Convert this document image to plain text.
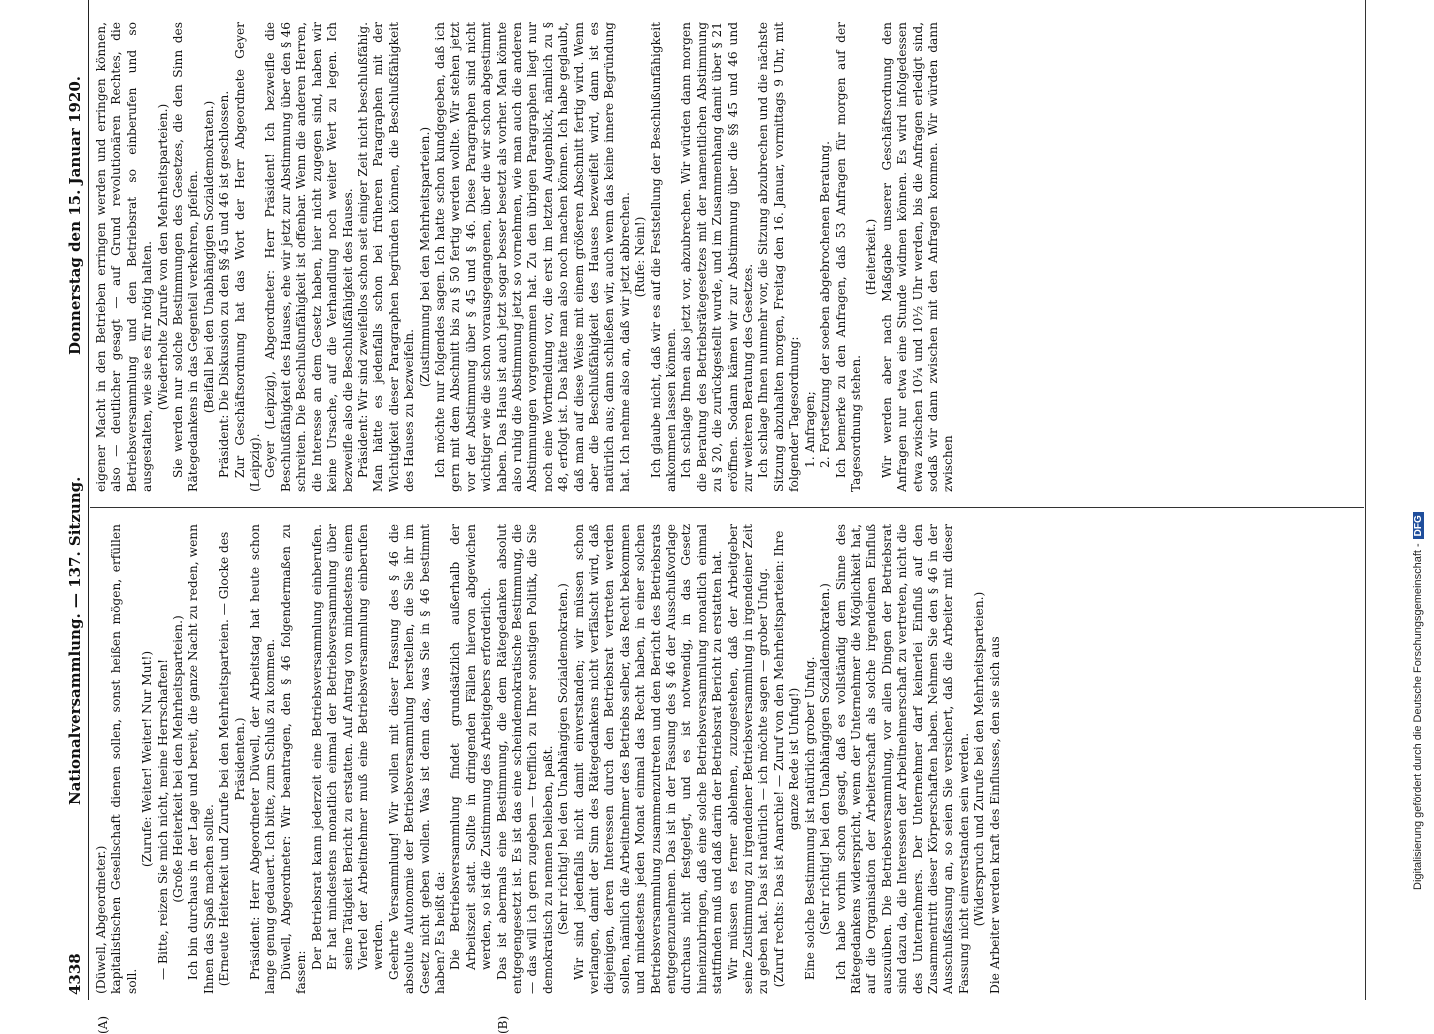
4338
Nationalversammlung. — 137. Sitzung.
Donnerstag den 15. Januar 1920.
(A)	(B)

(Düwell, Abgeordneter.) kapitalistischen Gesellschaft dienen sollen, sonst heißen mögen, erfüllen soll.

(Zurufe: Weiter! Weiter! Nur Mut!) — Bitte, reizen Sie mich nicht, meine Herrschaften! (Große Heiterkeit bei den Mehrheitsparteien.) Ich bin durchaus in der Lage und bereit, die ganze Nacht zu reden, wenn Ihnen das Spaß machen sollte. (Erneute Heiterkeit und Zurufe bei den Mehrheitsparteien. — Glocke des Präsidenten.) Präsident: Herr Abgeordneter Düwell, der Arbeitstag hat heute schon lange genug gedauert. Ich bitte, zum Schluß zu kommen. Düwell, Abgeordneter: Wir beantragen, den § 46 folgendermaßen zu fassen:

Der Betriebsrat kann jederzeit eine Betriebsversammlung einberufen. Er hat mindestens monatlich einmal der Betriebsversammlung über seine Tätigkeit Bericht zu erstatten. Auf Antrag von mindestens einem Viertel der Arbeitnehmer muß eine Betriebsversammlung einberufen werden. Geehrte Versammlung! Wir wollen mit dieser Fassung des § 46 die absolute Autonomie der Betriebsversammlung herstellen, die Sie ihr im Gesetz nicht geben wollen. Was ist denn das, was Sie in § 46 bestimmt haben? Es heißt da: Die Betriebsversammlung findet grundsätzlich außerhalb der Arbeitszeit statt. Sollte in dringenden Fällen hiervon abgewichen werden, so ist die Zustimmung des Arbeitgebers erforderlich. Das ist abermals eine Bestimmung, die dem Rätegedanken absolut entgegengesetzt ist. Es ist das eine scheindemokratische Bestimmung, die — das will ich gern zugeben — trefflich zu Ihrer sonstigen Politik, die Sie demokratisch zu nennen belieben, paßt. (Sehr richtig! bei den Unabhängigen Sozialdemokraten.) Wir sind jedenfalls nicht damit einverstanden; wir müssen schon verlangen, damit der Sinn des Rätegedankens nicht verfälscht wird, daß diejenigen, deren Interessen durch den Betriebsrat vertreten werden sollen, nämlich die Arbeitnehmer des Betriebs selber, das Recht bekommen und mindestens jeden Monat einmal das Recht haben, in einer solchen Betriebsversammlung zusammenzutreten und den Bericht des Betriebsrats entgegenzunehmen. Das ist in der Fassung des § 46 der Ausschußvorlage durchaus nicht festgelegt, und es ist notwendig, in das Gesetz hineinzubringen, daß eine solche Betriebsversammlung monatlich einmal stattfinden muß und daß darin der Betriebsrat Bericht zu erstatten hat. Wir müssen es ferner ablehnen, zuzugestehen, daß der Arbeitgeber seine Zustimmung zu irgendeiner Betriebsversammlung in irgendeiner Zeit zu geben hat. Das ist natürlich — ich möchte sagen — grober Unfug. (Zuruf rechts: Das ist Anarchie! — Zuruf von den Mehrheitsparteien: Ihre ganze Rede ist Unfug!) Eine solche Bestimmung ist natürlich grober Unfug. (Sehr richtig! bei den Unabhängigen Sozialdemokraten.) Ich habe vorhin schon gesagt, daß es vollständig dem Sinne des Rätegedankens widerspricht, wenn der Unternehmer die Möglichkeit hat, auf die Organisation der Arbeiterschaft als solche irgendeinen Einfluß auszuüben. Die Betriebsversammlung, vor allen Dingen der Betriebsrat sind dazu da, die Interessen der Arbeitnehmerschaft zu vertreten, nicht die des Unternehmers. Der Unternehmer darf keinerlei Einfluß auf den Zusammentritt dieser Körperschaften haben. Nehmen Sie den § 46 in der Ausschußfassung an, so seien Sie versichert, daß die Arbeiter mit dieser Fassung nicht einverstanden sein werden. (Widerspruch und Zurufe bei den Mehrheitsparteien.) Die Arbeiter werden kraft des Einflusses, den sie sich aus

eigener Macht in den Betrieben erringen werden und erringen können, also — deutlicher gesagt — auf Grund revolutionären Rechtes, die Betriebsversammlung und den Betriebsrat so einberufen und so ausgestalten, wie sie es für nötig halten. (Wiederholte Zurufe von den Mehrheitsparteien.) Sie werden nur solche Bestimmungen des Gesetzes, die den Sinn des Rätegedankens in das Gegenteil verkehren, pfeifen. (Beifall bei den Unabhängigen Sozialdemokraten.) Präsident: Die Diskussion zu den §§ 45 und 46 ist geschlossen. Zur Geschäftsordnung hat das Wort der Herr Abgeordnete Geyer (Leipzig). Geyer (Leipzig), Abgeordneter: Herr Präsident! Ich bezweifle die Beschlußfähigkeit des Hauses, ehe wir jetzt zur Abstimmung über den § 46 schreiten. Die Beschlußunfähigkeit ist offenbar. Wenn die anderen Herren, die Interesse an dem Gesetz haben, hier nicht zugegen sind, haben wir keine Ursache, auf die Verhandlung noch weiter Wert zu legen. Ich bezweifle also die Beschlußfähigkeit des Hauses. Präsident: Wir sind zweifellos schon seit einiger Zeit nicht beschlußfähig. Man hätte es jedenfalls schon bei früheren Paragraphen mit der Wichtigkeit dieser Paragraphen begründen können, die Beschlußfähigkeit des Hauses zu bezweifeln.

(Zustimmung bei den Mehrheitsparteien.) Ich möchte nur folgendes sagen. Ich hatte schon kundgegeben, daß ich gern mit dem Abschnitt bis zu § 50 fertig werden wollte. Wir stehen jetzt vor der Abstimmung über § 45 und § 46. Diese Paragraphen sind nicht wichtiger wie die schon vorausgegangenen, über die wir schon abgestimmt haben. Das Haus ist auch jetzt sogar besser besetzt als vorher. Man könnte also ruhig die Abstimmung jetzt so vornehmen, wie man auch die anderen Abstimmungen vorgenommen hat. Zu den übrigen Paragraphen liegt nur noch eine Wortmeldung vor, die erst im letzten Augenblick, nämlich zu § 48, erfolgt ist. Das hätte man also noch machen können. Ich habe geglaubt, daß man auf diese Weise mit einem größeren Abschnitt fertig wird. Wenn aber die Beschlußfähigkeit des Hauses bezweifelt wird, dann ist es natürlich aus; dann schließen wir, auch wenn das keine innere Begründung hat. Ich nehme also an, daß wir jetzt abbrechen. (Rufe: Nein!) Ich glaube nicht, daß wir es auf die Feststellung der Beschlußunfähigkeit ankommen lassen können. Ich schlage Ihnen also jetzt vor, abzubrechen. Wir würden dann morgen die Beratung des Betriebsrätegesetzes mit der namentlichen Abstimmung zu § 20, die zurückgestellt wurde, und im Zusammenhang damit über § 21 eröffnen. Sodann kämen wir zur Abstimmung über die §§ 45 und 46 und zur weiteren Beratung des Gesetzes. Ich schlage Ihnen nunmehr vor, die Sitzung abzubrechen und die nächste Sitzung abzuhalten morgen, Freitag den 16. Januar, vormittags 9 Uhr, mit folgender Tagesordnung: 1. Anfragen; 2. Fortsetzung der soeben abgebrochenen Beratung. Ich bemerke zu den Anfragen, daß 53 Anfragen für morgen auf der Tagesordnung stehen.

(Heiterkeit.) Wir werden aber nach Maßgabe unserer Geschäftsordnung den Anfragen nur etwa eine Stunde widmen können. Es wird infolgedessen etwa zwischen 10¼ und 10½ Uhr werden, bis die Anfragen erledigt sind, sodaß wir dann zwischen mit den Anfragen kommen. Wir würden dann zwischen

Digitalisierung gefördert durch die Deutsche Forschungsgemeinschaft -DFG
